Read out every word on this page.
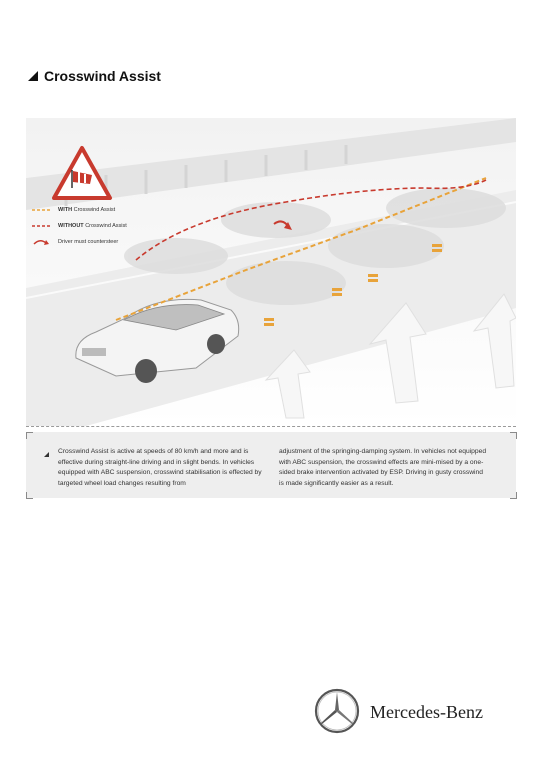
Crosswind Assist
WITH Crosswind Assist
WITHOUT Crosswind Assist
Driver must countersteer
Crosswind Assist is active at speeds of 80 km/h and more and is effective during straight-line driving and in slight bends. In vehicles equipped with ABC suspension, crosswind stabilisation is effected by targeted wheel load changes resulting from
adjustment of the springing-damping system. In vehicles not equipped with ABC suspension, the crosswind effects are mini-mised by a one-sided brake intervention activated by ESP. Driving in gusty crosswind is made significantly easier as a result.
Mercedes-Benz
